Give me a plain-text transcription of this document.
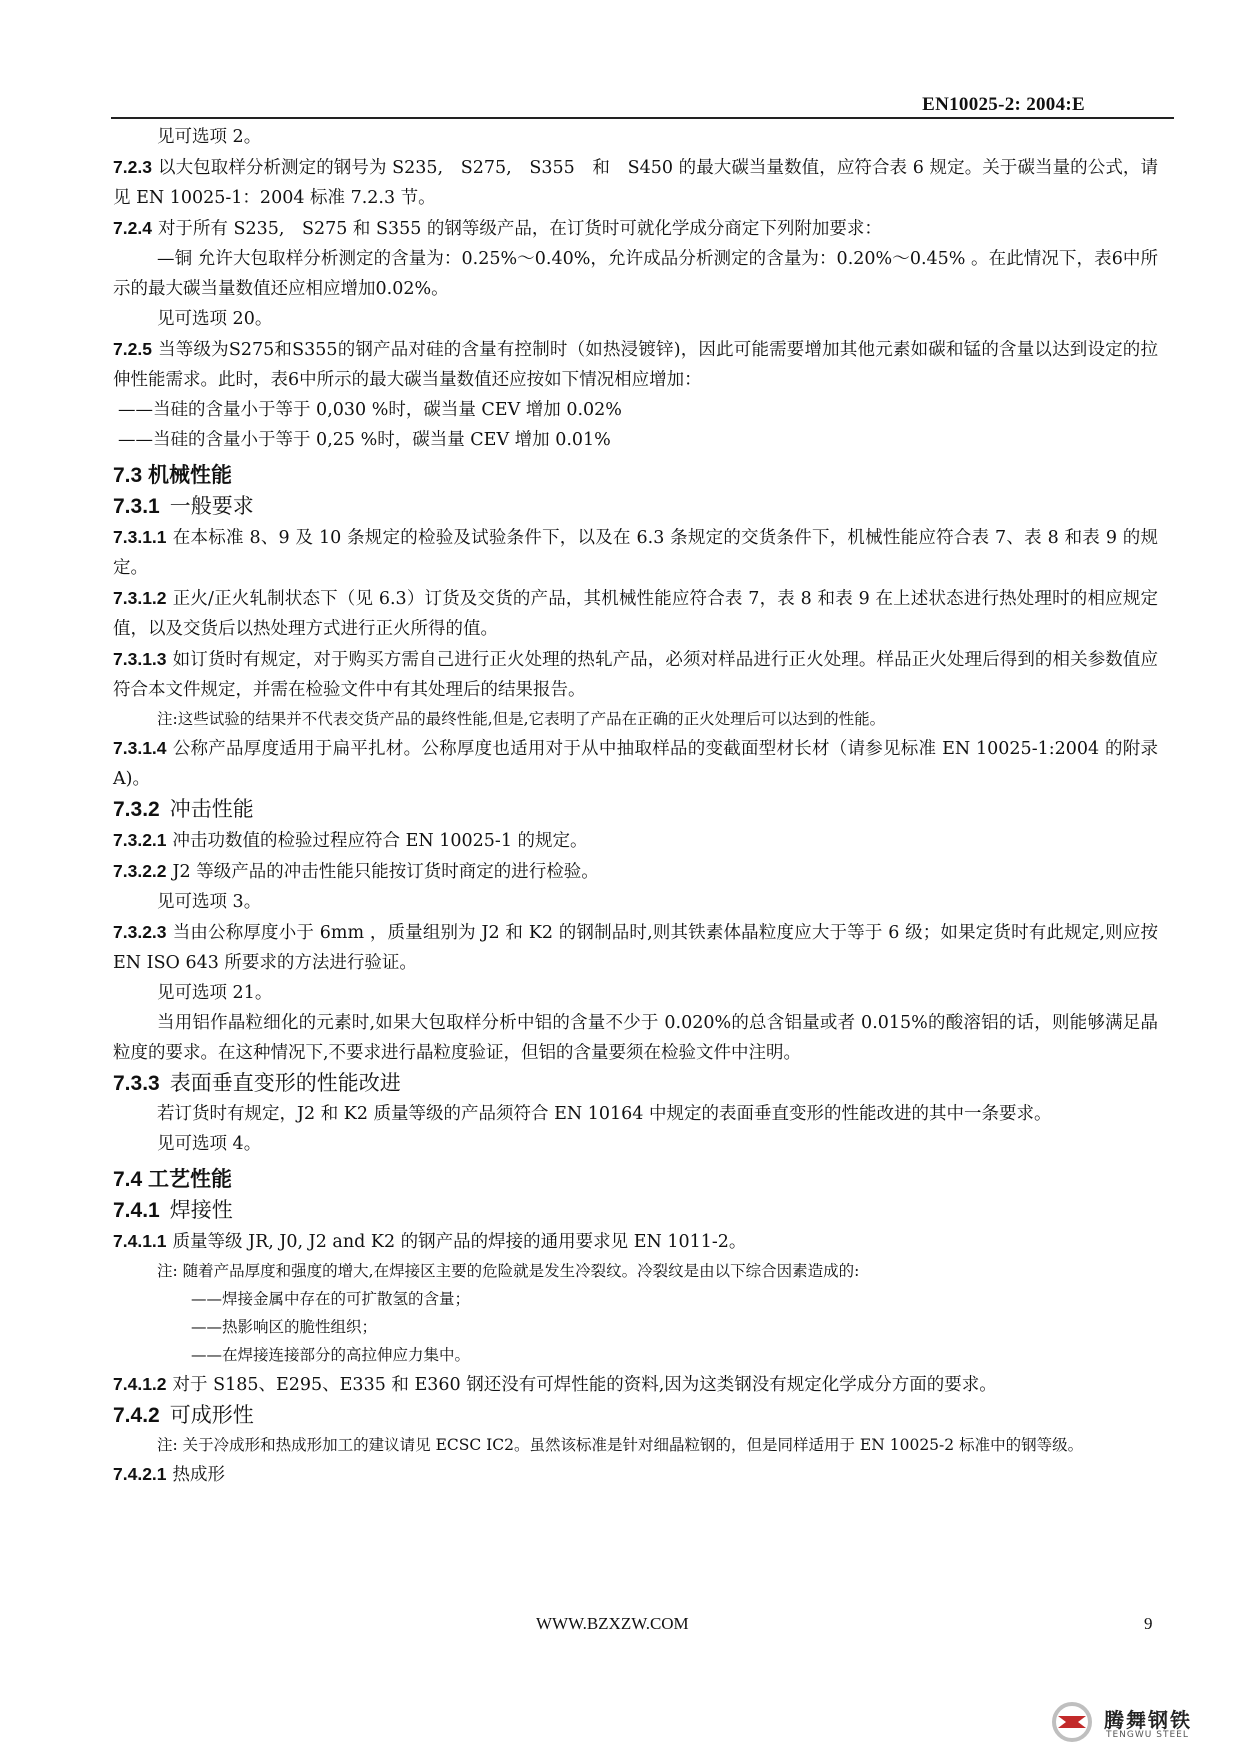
EN10025-2: 2004:E

见可选项 2。

7.2.3 以大包取样分析测定的钢号为 S235,　S275,　S355　和　S450 的最大碳当量数值，应符合表 6 规定。关于碳当量的公式，请见 EN 10025-1：2004 标准 7.2.3 节。

7.2.4 对于所有 S235,　S275 和 S355 的钢等级产品，在订货时可就化学成分商定下列附加要求：

—铜 允许大包取样分析测定的含量为：0.25%～0.40%，允许成品分析测定的含量为：0.20%～0.45% 。在此情况下，表6中所示的最大碳当量数值还应相应增加0.02%。

见可选项 20。

7.2.5 当等级为S275和S355的钢产品对硅的含量有控制时（如热浸镀锌)，因此可能需要增加其他元素如碳和锰的含量以达到设定的拉伸性能需求。此时，表6中所示的最大碳当量数值还应按如下情况相应增加：

——当硅的含量小于等于 0,030 %时，碳当量 CEV 增加 0.02%

——当硅的含量小于等于 0,25 %时，碳当量 CEV 增加 0.01%

7.3 机械性能

7.3.1 一般要求

7.3.1.1 在本标准 8、9 及 10 条规定的检验及试验条件下，以及在 6.3 条规定的交货条件下，机械性能应符合表 7、表 8 和表 9 的规定。

7.3.1.2 正火/正火轧制状态下（见 6.3）订货及交货的产品，其机械性能应符合表 7，表 8 和表 9 在上述状态进行热处理时的相应规定值，以及交货后以热处理方式进行正火所得的值。

7.3.1.3 如订货时有规定，对于购买方需自己进行正火处理的热轧产品，必须对样品进行正火处理。样品正火处理后得到的相关参数值应符合本文件规定，并需在检验文件中有其处理后的结果报告。

注:这些试验的结果并不代表交货产品的最终性能,但是,它表明了产品在正确的正火处理后可以达到的性能。

7.3.1.4 公称产品厚度适用于扁平扎材。公称厚度也适用对于从中抽取样品的变截面型材长材（请参见标准 EN 10025-1:2004 的附录 A)。

7.3.2 冲击性能

7.3.2.1 冲击功数值的检验过程应符合 EN 10025-1 的规定。

7.3.2.2 J2 等级产品的冲击性能只能按订货时商定的进行检验。

见可选项 3。

7.3.2.3 当由公称厚度小于 6mm ，质量组别为 J2 和 K2 的钢制品时,则其铁素体晶粒度应大于等于 6 级；如果定货时有此规定,则应按 EN ISO 643 所要求的方法进行验证。

见可选项 21。

当用铝作晶粒细化的元素时,如果大包取样分析中铝的含量不少于 0.020%的总含铝量或者 0.015%的酸溶铝的话，则能够满足晶粒度的要求。在这种情况下,不要求进行晶粒度验证，但铝的含量要须在检验文件中注明。

7.3.3 表面垂直变形的性能改进

若订货时有规定，J2 和 K2 质量等级的产品须符合 EN 10164 中规定的表面垂直变形的性能改进的其中一条要求。

见可选项 4。

7.4 工艺性能

7.4.1 焊接性

7.4.1.1 质量等级 JR, J0, J2 and K2 的钢产品的焊接的通用要求见 EN 1011-2。

注: 随着产品厚度和强度的增大,在焊接区主要的危险就是发生冷裂纹。冷裂纹是由以下综合因素造成的:

——焊接金属中存在的可扩散氢的含量；

——热影响区的脆性组织；

——在焊接连接部分的高拉伸应力集中。

7.4.1.2 对于 S185、E295、E335 和 E360 钢还没有可焊性能的资料,因为这类钢没有规定化学成分方面的要求。

7.4.2 可成形性

注: 关于冷成形和热成形加工的建议请见 ECSC IC2。虽然该标准是针对细晶粒钢的，但是同样适用于 EN 10025-2 标准中的钢等级。

7.4.2.1 热成形

WWW.BZXZW.COM	9
腾舞钢铁
TENGWU STEEL
